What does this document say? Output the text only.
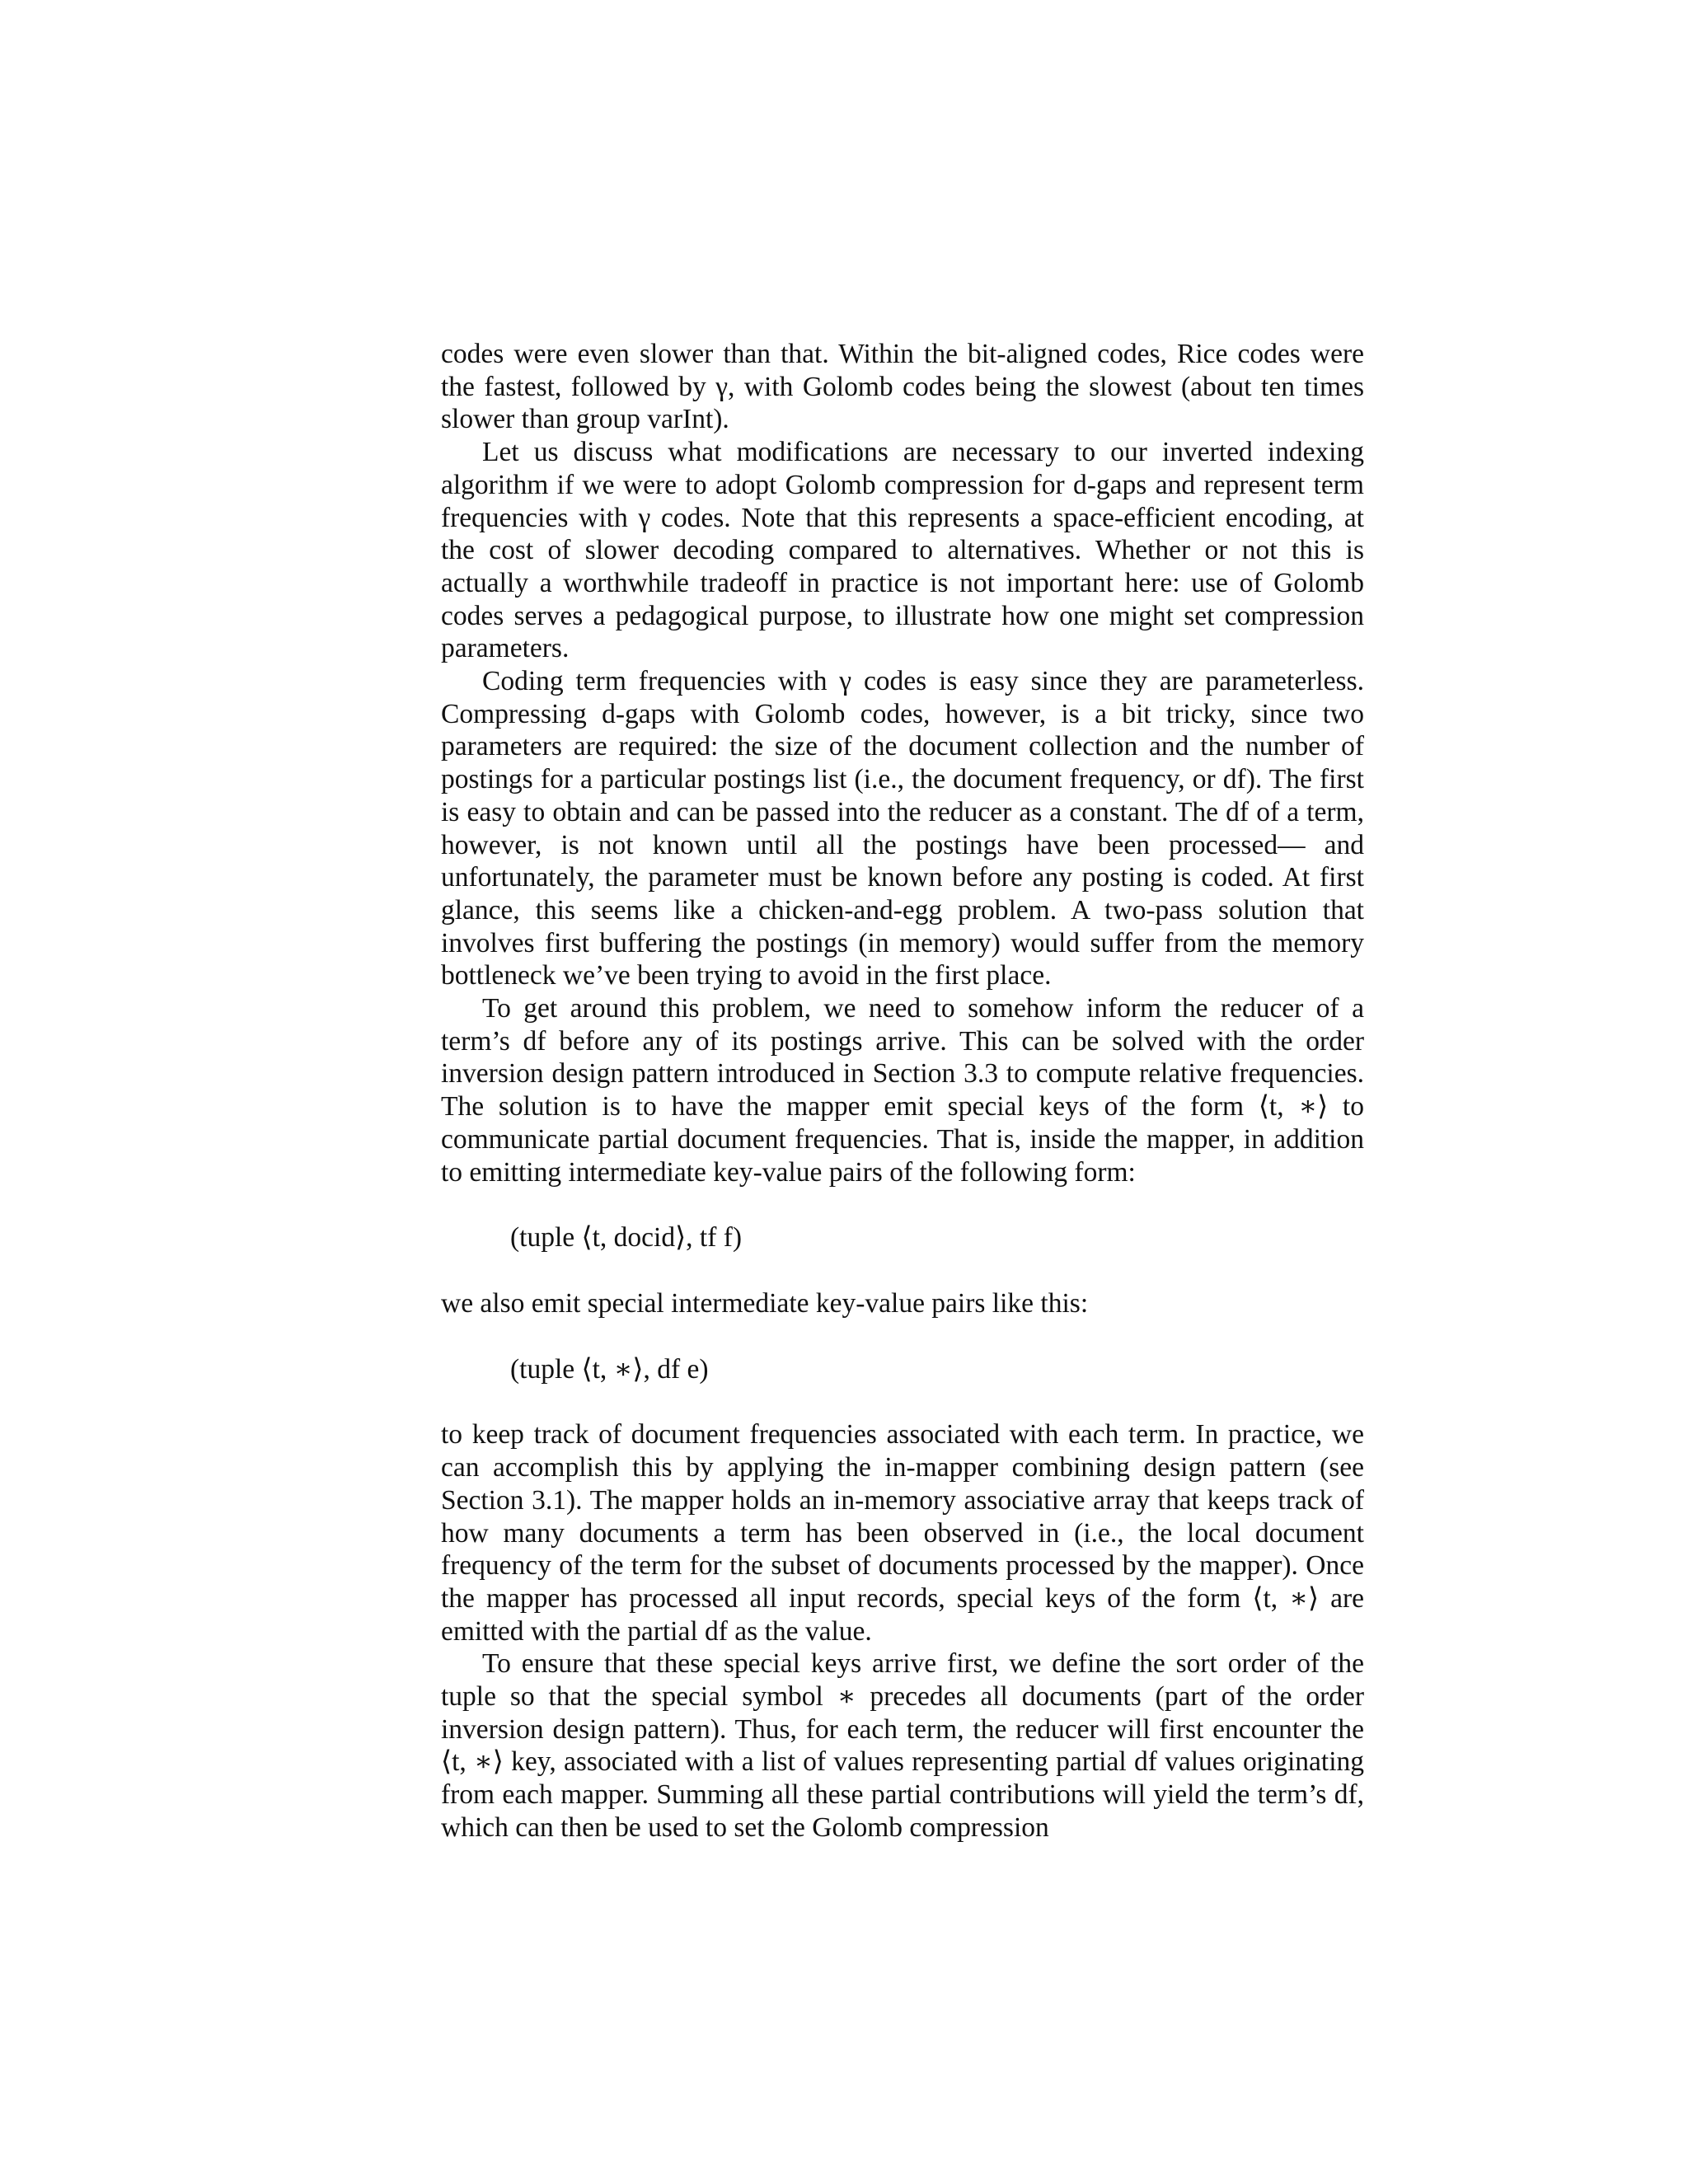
codes were even slower than that. Within the bit-aligned codes, Rice codes were the fastest, followed by γ, with Golomb codes being the slowest (about ten times slower than group varInt).

Let us discuss what modifications are necessary to our inverted indexing algorithm if we were to adopt Golomb compression for d-gaps and represent term frequencies with γ codes. Note that this represents a space-efficient encoding, at the cost of slower decoding compared to alternatives. Whether or not this is actually a worthwhile tradeoff in practice is not important here: use of Golomb codes serves a pedagogical purpose, to illustrate how one might set compression parameters.

Coding term frequencies with γ codes is easy since they are parameterless. Compressing d-gaps with Golomb codes, however, is a bit tricky, since two parameters are required: the size of the document collection and the number of postings for a particular postings list (i.e., the document frequency, or df). The first is easy to obtain and can be passed into the reducer as a constant. The df of a term, however, is not known until all the postings have been processed— and unfortunately, the parameter must be known before any posting is coded. At first glance, this seems like a chicken-and-egg problem. A two-pass solution that involves first buffering the postings (in memory) would suffer from the memory bottleneck we’ve been trying to avoid in the first place.

To get around this problem, we need to somehow inform the reducer of a term’s df before any of its postings arrive. This can be solved with the order inversion design pattern introduced in Section 3.3 to compute relative frequencies. The solution is to have the mapper emit special keys of the form ⟨t, ∗⟩ to communicate partial document frequencies. That is, inside the mapper, in addition to emitting intermediate key-value pairs of the following form:

(tuple ⟨t, docid⟩, tf f)

we also emit special intermediate key-value pairs like this:

(tuple ⟨t, ∗⟩, df e)

to keep track of document frequencies associated with each term. In practice, we can accomplish this by applying the in-mapper combining design pattern (see Section 3.1). The mapper holds an in-memory associative array that keeps track of how many documents a term has been observed in (i.e., the local document frequency of the term for the subset of documents processed by the mapper). Once the mapper has processed all input records, special keys of the form ⟨t, ∗⟩ are emitted with the partial df as the value.

To ensure that these special keys arrive first, we define the sort order of the tuple so that the special symbol ∗ precedes all documents (part of the order inversion design pattern). Thus, for each term, the reducer will first encounter the ⟨t, ∗⟩ key, associated with a list of values representing partial df values originating from each mapper. Summing all these partial contributions will yield the term’s df, which can then be used to set the Golomb compression
